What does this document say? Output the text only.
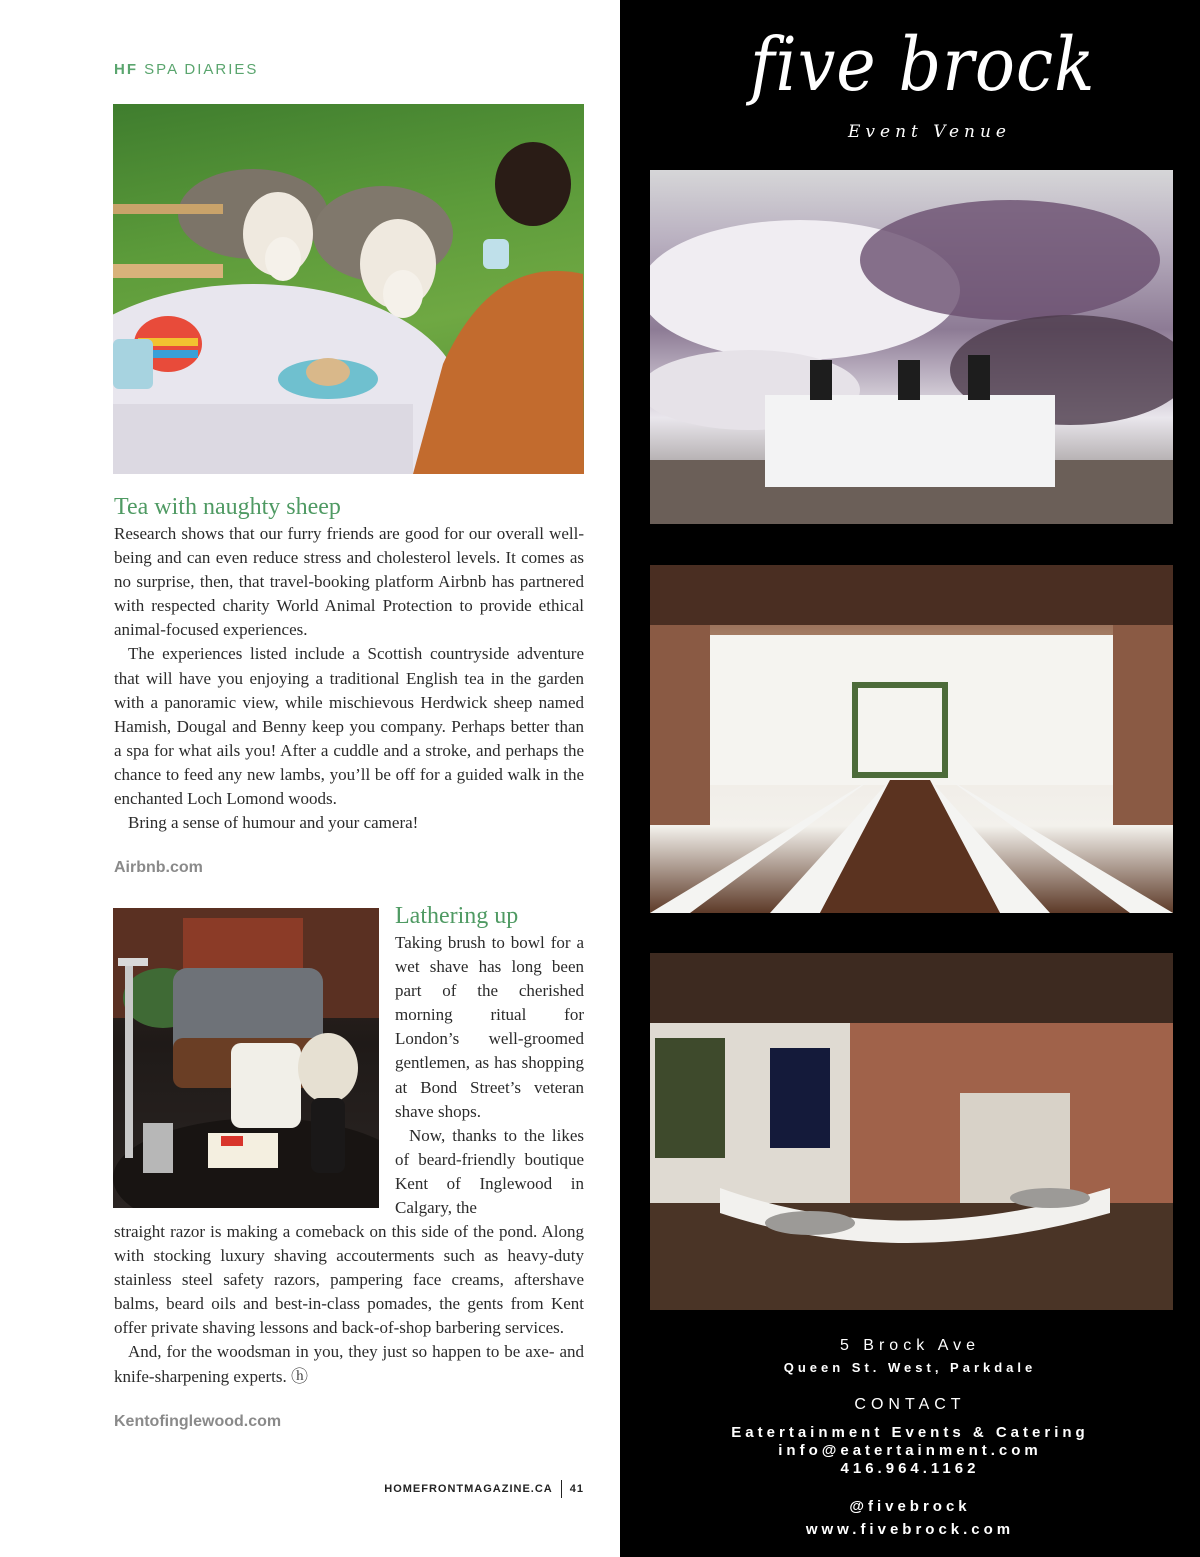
HF SPA DIARIES

Tea with naughty sheep

Research shows that our furry friends are good for our overall well-being and can even reduce stress and cholesterol levels. It comes as no surprise, then, that travel-booking platform Airbnb has partnered with respected charity World Animal Protection to provide ethical animal-focused experiences.

The experiences listed include a Scottish countryside adventure that will have you enjoying a traditional English tea in the garden with a panoramic view, while mischievous Herdwick sheep named Hamish, Dougal and Benny keep you company. Perhaps better than a spa for what ails you! After a cuddle and a stroke, and perhaps the chance to feed any new lambs, you’ll be off for a guided walk in the enchanted Loch Lomond woods.

Bring a sense of humour and your camera!

Airbnb.com

Lathering up

Taking brush to bowl for a wet shave has long been part of the cherished morning ritual for London’s well-groomed gentlemen, as has shopping at Bond Street’s veteran shave shops.

Now, thanks to the likes of beard-friendly boutique Kent of Inglewood in Calgary, the

straight razor is making a comeback on this side of the pond. Along with stocking luxury shaving accouterments such as heavy-duty stainless steel safety razors, pampering face creams, aftershave balms, beard oils and best-in-class pomades, the gents from Kent offer private shaving lessons and back-of-shop barbering services.

And, for the woodsman in you, they just so happen to be axe- and knife-sharpening experts. ⓗ

Kentofinglewood.com

HOMEFRONTMAGAZINE.CA 41

five brock

Event Venue

5 Brock Ave

Queen St. West, Parkdale

CONTACT

Eatertainment Events & Catering

info@eatertainment.com

416.964.1162

@fivebrock

www.fivebrock.com
